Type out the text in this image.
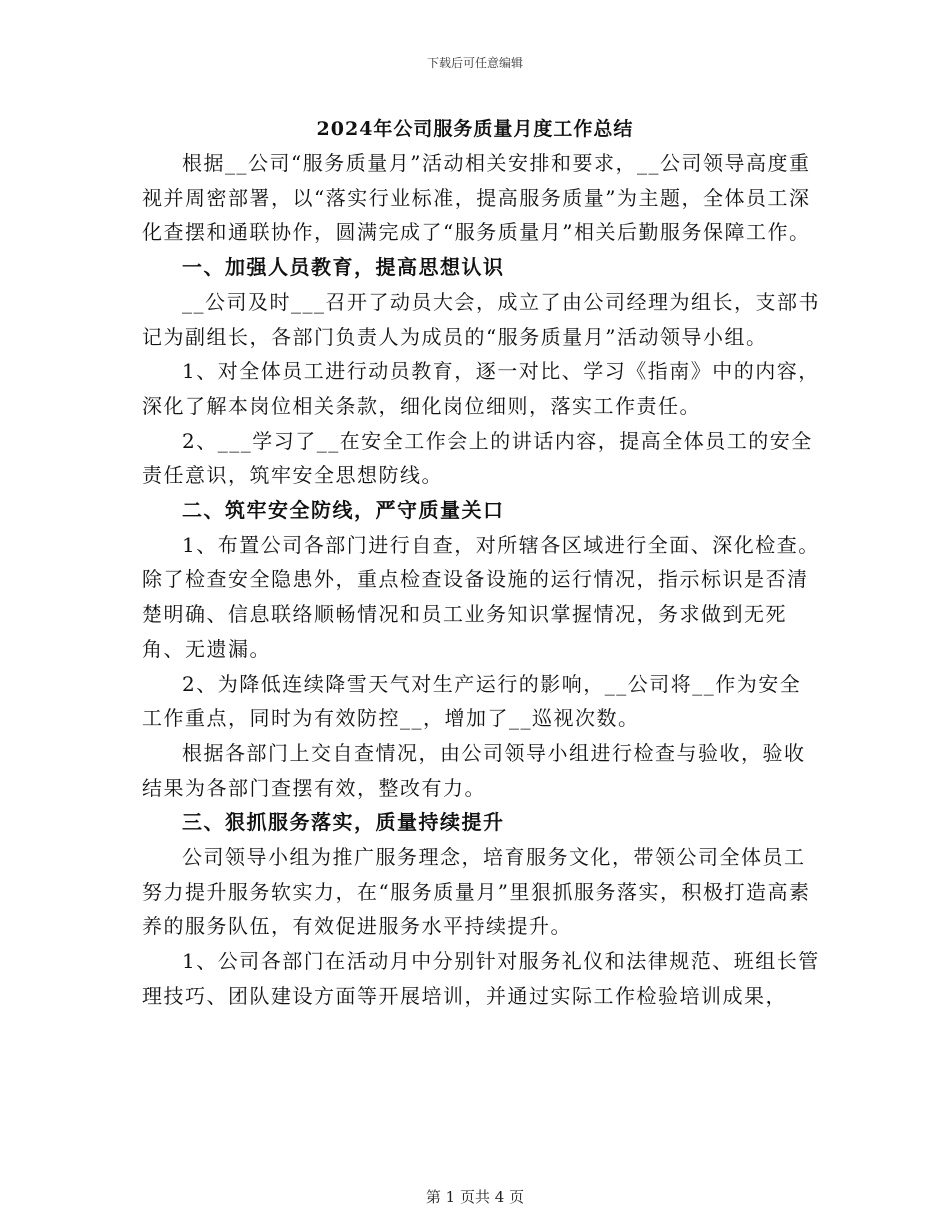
下载后可任意编辑
2024年公司服务质量月度工作总结

根据__公司“服务质量月”活动相关安排和要求，__公司领导高度重视并周密部署，以“落实行业标准，提高服务质量”为主题，全体员工深化查摆和通联协作，圆满完成了“服务质量月”相关后勤服务保障工作。

一、加强人员教育，提高思想认识

__公司及时___召开了动员大会，成立了由公司经理为组长，支部书记为副组长，各部门负责人为成员的“服务质量月”活动领导小组。

1、对全体员工进行动员教育，逐一对比、学习《指南》中的内容，深化了解本岗位相关条款，细化岗位细则，落实工作责任。

2、___学习了__在安全工作会上的讲话内容，提高全体员工的安全责任意识，筑牢安全思想防线。

二、筑牢安全防线，严守质量关口

1、布置公司各部门进行自查，对所辖各区域进行全面、深化检查。除了检查安全隐患外，重点检查设备设施的运行情况，指示标识是否清楚明确、信息联络顺畅情况和员工业务知识掌握情况，务求做到无死角、无遗漏。

2、为降低连续降雪天气对生产运行的影响，__公司将__作为安全工作重点，同时为有效防控__，增加了__巡视次数。

根据各部门上交自查情况，由公司领导小组进行检查与验收，验收结果为各部门查摆有效，整改有力。

三、狠抓服务落实，质量持续提升

公司领导小组为推广服务理念，培育服务文化，带领公司全体员工努力提升服务软实力，在“服务质量月”里狠抓服务落实，积极打造高素养的服务队伍，有效促进服务水平持续提升。

1、公司各部门在活动月中分别针对服务礼仪和法律规范、班组长管理技巧、团队建设方面等开展培训，并通过实际工作检验培训成果，

第 1 页共 4 页
